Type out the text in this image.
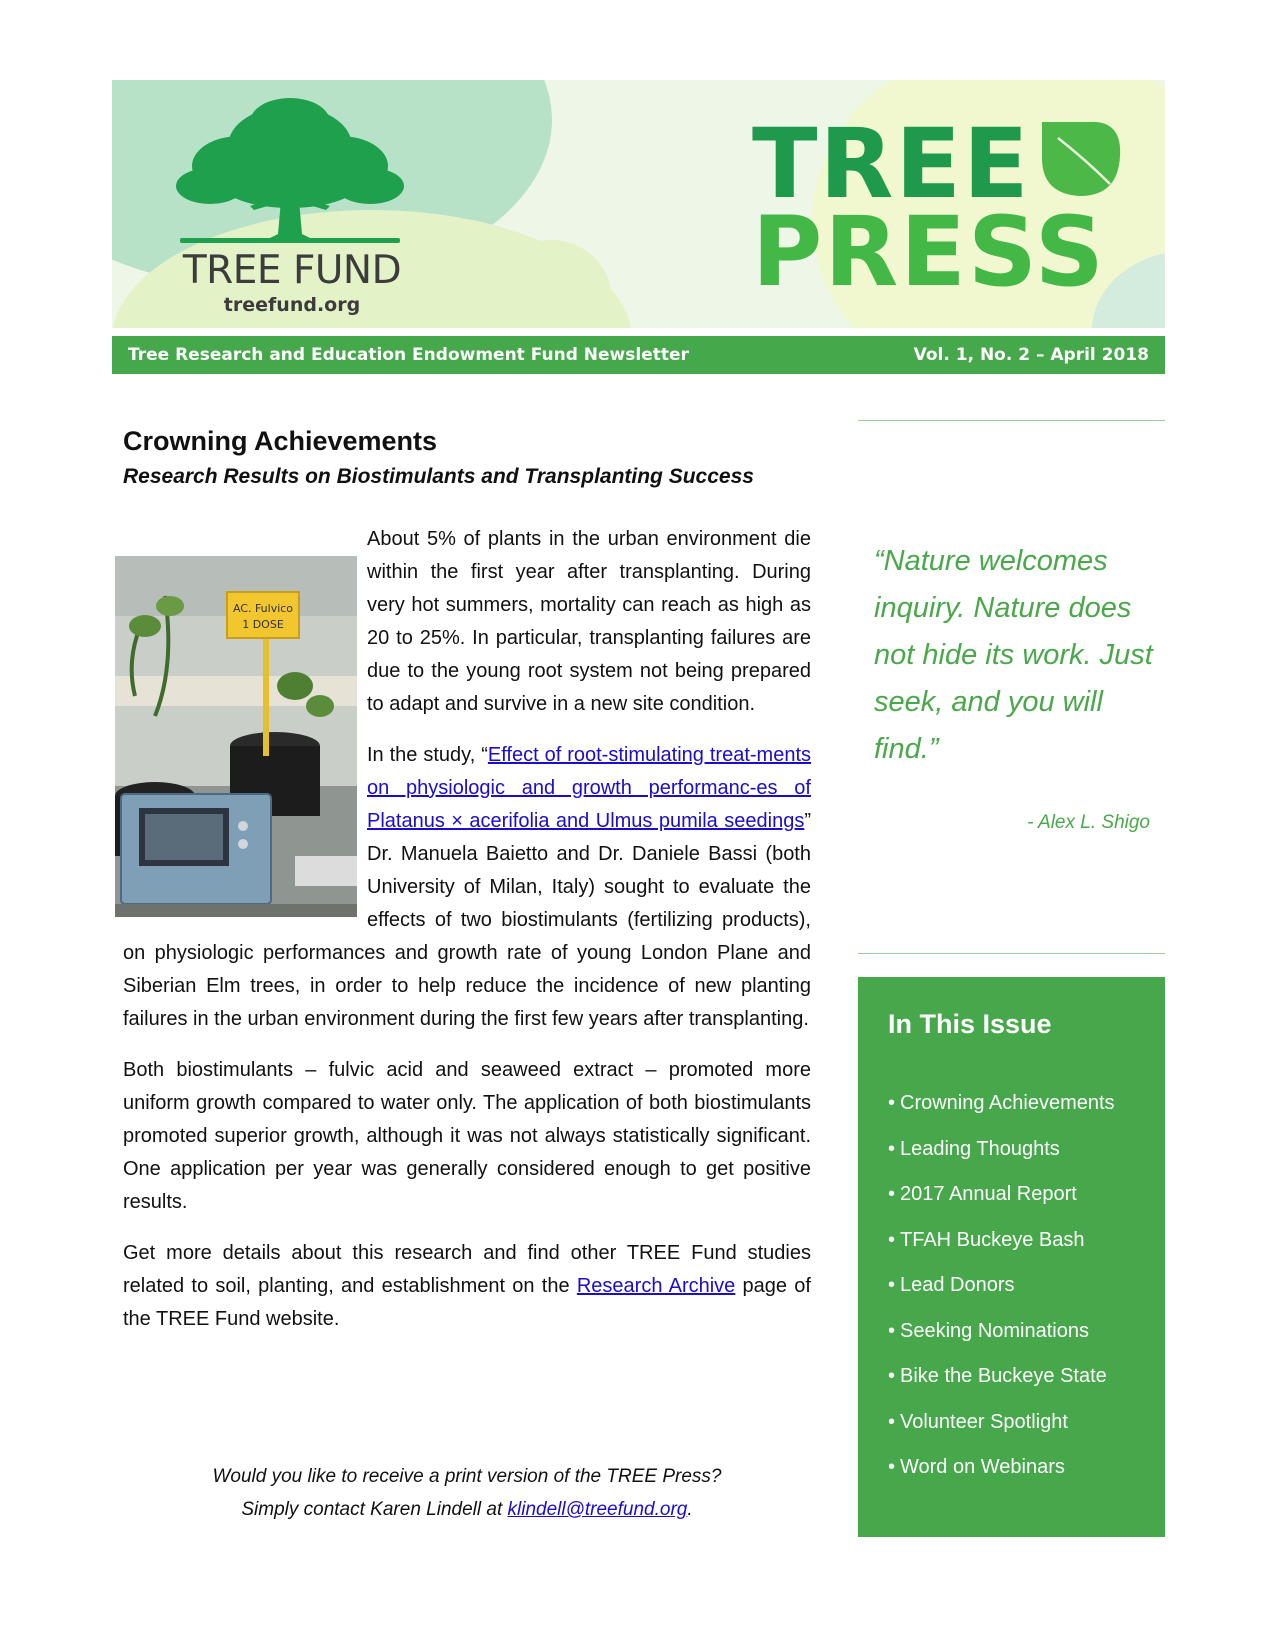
TREE FUND
treefund.org
TREE
PRESS
Tree Research and Education Endowment Fund Newsletter	Vol. 1, No. 2 – April 2018
Crowning Achievements
Research Results on Biostimulants and Transplanting Success

AC. Fulvico
1 DOSE
About 5% of plants in the urban environment die within the first year after transplanting. During very hot summers, mortality can reach as high as 20 to 25%. In particular, transplanting failures are due to the young root system not being prepared to adapt and survive in a new site condition.

In the study, “Effect of root-stimulating treat-ments on physiologic and growth performanc-es of Platanus × acerifolia and Ulmus pumila seedings” Dr. Manuela Baietto and Dr. Daniele Bassi (both University of Milan, Italy) sought to evaluate the effects of two biostimulants (fertilizing products), on physiologic performances and growth rate of young London Plane and Siberian Elm trees, in order to help reduce the incidence of new planting failures in the urban environment during the first few years after transplanting.

Both biostimulants – fulvic acid and seaweed extract – promoted more uniform growth compared to water only. The application of both biostimulants promoted superior growth, although it was not always statistically significant. One application per year was generally considered enough to get positive results.

Get more details about this research and find other TREE Fund studies related to soil, planting, and establishment on the Research Archive page of the TREE Fund website.

Would you like to receive a print version of the TREE Press?
Simply contact Karen Lindell at klindell@treefund.org.
“Nature welcomes inquiry. Nature does not hide its work. Just seek, and you will find.”
- Alex L. Shigo
In This Issue
• Crowning Achievements
• Leading Thoughts
• 2017 Annual Report
• TFAH Buckeye Bash
• Lead Donors
• Seeking Nominations
• Bike the Buckeye State
• Volunteer Spotlight
• Word on Webinars
